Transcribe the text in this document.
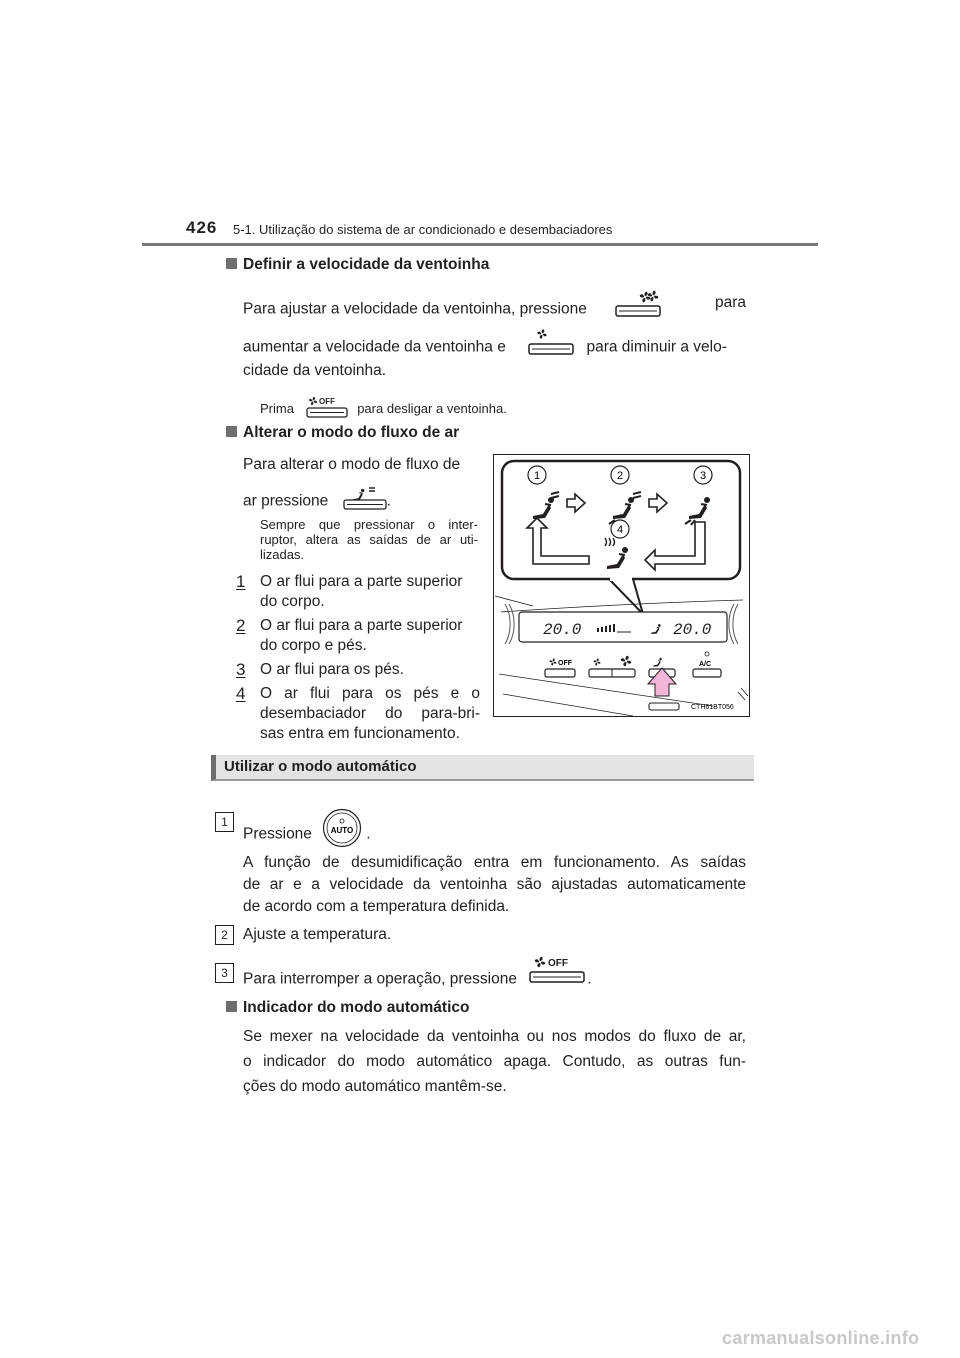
426 5-1. Utilização do sistema de ar condicionado e desembaciadores
Definir a velocidade da ventoinha
Para ajustar a velocidade da ventoinha, pressione	para
aumentar a velocidade da ventoinha e	para diminuir a velo-
cidade da ventoinha.
Prima	OFF para desligar a ventoinha.
Alterar o modo do fluxo de ar
Para alterar o modo de fluxo de
ar pressione	.
Sempre que pressionar o inter-
ruptor, altera as saídas de ar uti-
lizadas.
1 O ar flui para a parte superior
do corpo.
2 O ar flui para a parte superior
do corpo e pés.
3 O ar flui para os pés.
4 O ar flui para os pés e o
desembaciador do para-bri-
sas entra em funcionamento.
1	2	3
4
20.0	20.0
OFF	A/C
CTH61BT056
Utilizar o modo automático
1
Pressione AUTO .
A função de desumidificação entra em funcionamento. As saídas
de ar e a velocidade da ventoinha são ajustadas automaticamente
de acordo com a temperatura definida.
2 Ajuste a temperatura.
3 Para interromper a operação, pressione
OFF
.
Indicador do modo automático
Se mexer na velocidade da ventoinha ou nos modos do fluxo de ar,
o indicador do modo automático apaga. Contudo, as outras fun-
ções do modo automático mantêm-se.
carmanualsonline.info
